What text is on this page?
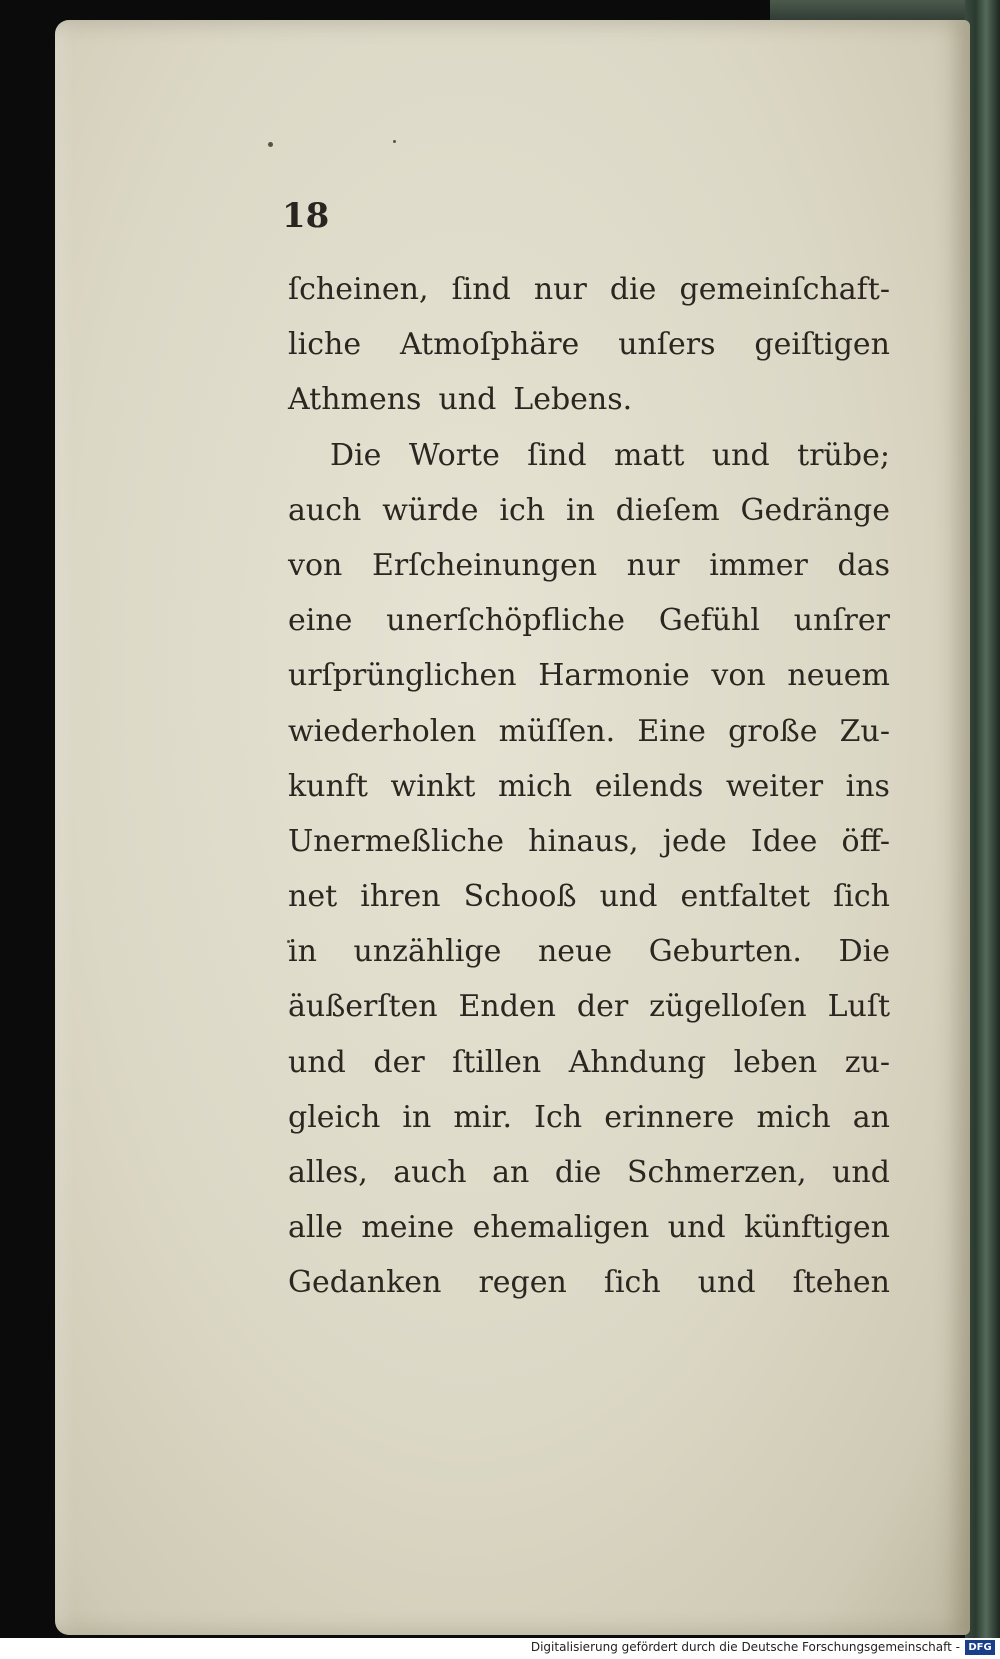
18
ſcheinen, ſind nur die gemeinſchaft-
liche Atmoſphäre unſers geiſtigen
Athmens und Lebens.
Die Worte ſind matt und trübe;
auch würde ich in dieſem Gedränge
von Erſcheinungen nur immer das
eine unerſchöpfliche Gefühl unſrer
urſprünglichen Harmonie von neuem
wiederholen müſſen. Eine große Zu-
kunft winkt mich eilends weiter ins
Unermeßliche hinaus, jede Idee öff-
net ihren Schooß und entfaltet ſich
in unzählige neue Geburten. Die
äußerſten Enden der zügelloſen Luſt
und der ſtillen Ahndung leben zu-
gleich in mir. Ich erinnere mich an
alles, auch an die Schmerzen, und
alle meine ehemaligen und künftigen
Gedanken regen ſich und ſtehen
Digitalisierung gefördert durch die Deutsche Forschungsgemeinschaft - DFG
